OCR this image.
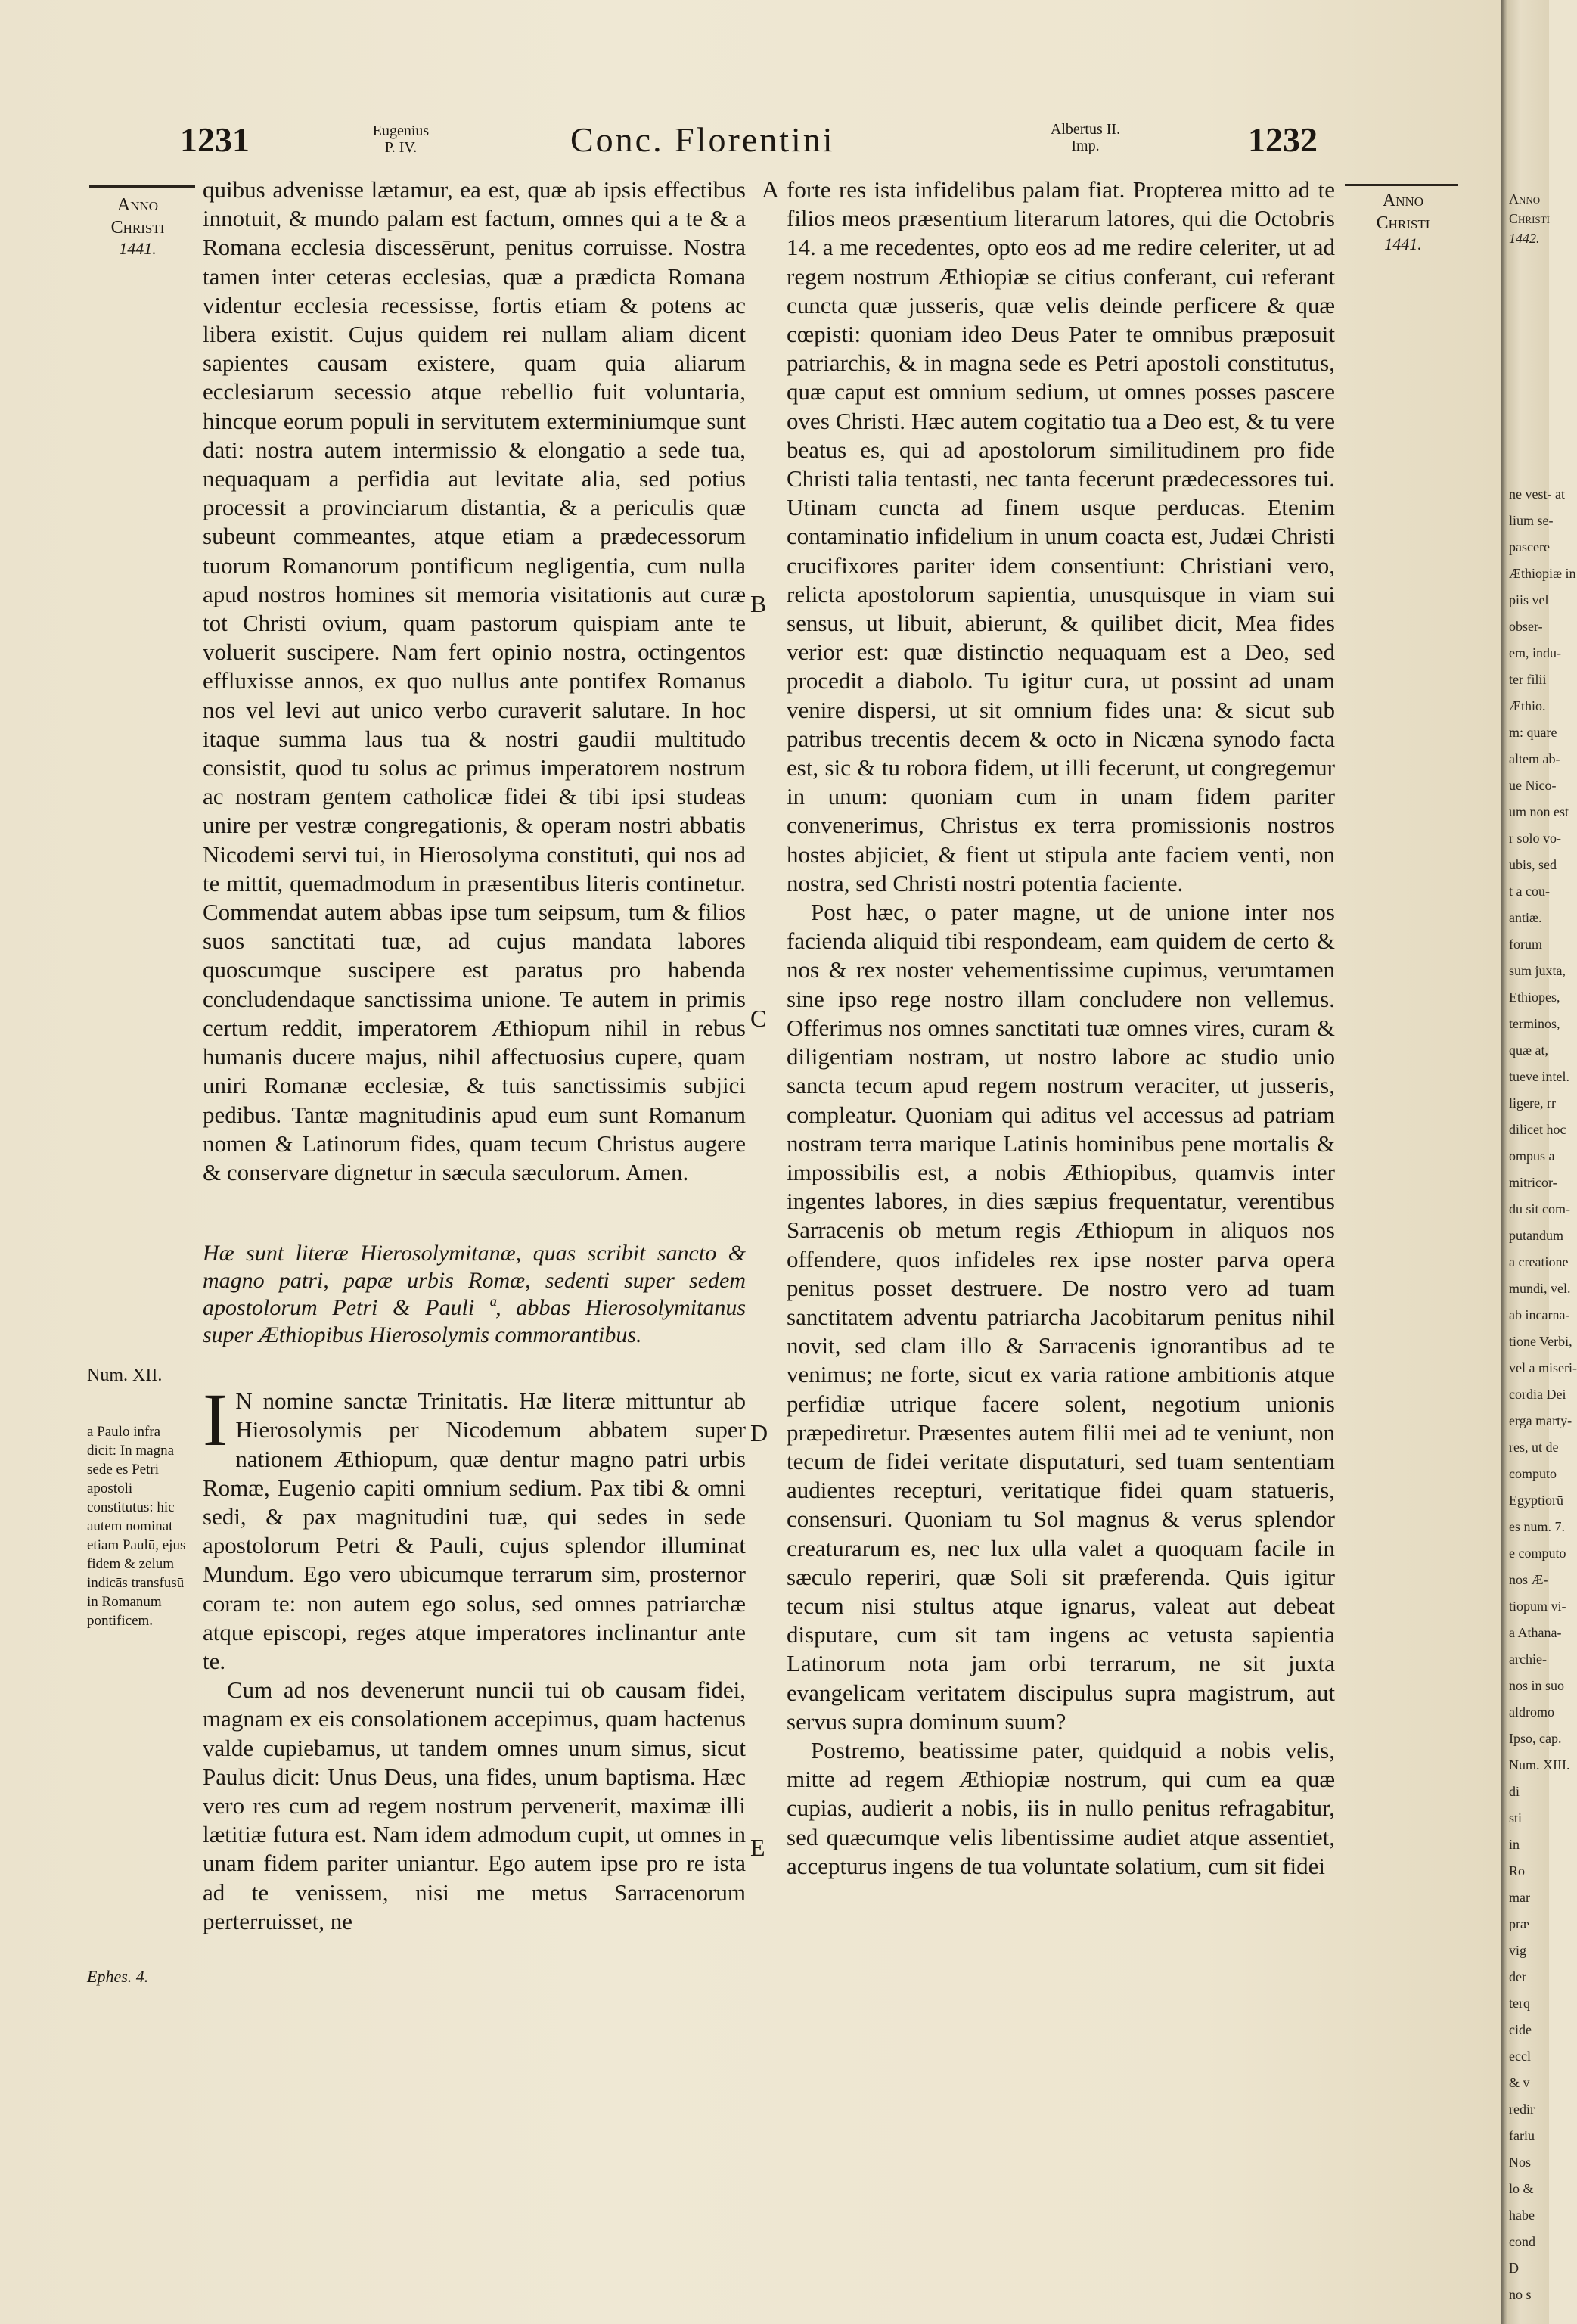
1231	Eugenius
P. IV.	Conc. Florentini	Albertus II.
Imp.	1232
Anno
Christi
1441.
Num. XII.
a Paulo infra dicit: In magna sede es Petri apostoli constitutus: hic autem nominat etiam Paulū, ejus fidem & zelum indicās transfusū in Romanum pontificem.
Ephes. 4.
Anno
Christi
1441.

quibus advenisse lætamur, ea est, quæ ab ipsis effectibus innotuit, & mundo palam est factum, omnes qui a te & a Romana ecclesia discessērunt, penitus corruisse. Nostra tamen inter ceteras ecclesias, quæ a prædicta Romana videntur ecclesia recessisse, fortis etiam & potens ac libera existit. Cujus quidem rei nullam aliam dicent sapientes causam existere, quam quia aliarum ecclesiarum secessio atque rebellio fuit voluntaria, hincque eorum populi in servitutem exterminiumque sunt dati: nostra autem intermissio & elongatio a sede tua, nequaquam a perfidia aut levitate alia, sed potius processit a provinciarum distantia, & a periculis quæ subeunt commeantes, atque etiam a prædecessorum tuorum Romanorum pontificum negligentia, cum nulla apud nostros homines sit memoria visitationis aut curæ tot Christi ovium, quam pastorum quispiam ante te voluerit suscipere. Nam fert opinio nostra, octingentos effluxisse annos, ex quo nullus ante pontifex Romanus nos vel levi aut unico verbo curaverit salutare. In hoc itaque summa laus tua & nostri gaudii multitudo consistit, quod tu solus ac primus imperatorem nostrum ac nostram gentem catholicæ fidei & tibi ipsi studeas unire per vestræ congregationis, & operam nostri abbatis Nicodemi servi tui, in Hierosolyma constituti, qui nos ad te mittit, quemadmodum in præsentibus literis continetur. Commendat autem abbas ipse tum seipsum, tum & filios suos sanctitati tuæ, ad cujus mandata labores quoscumque suscipere est paratus pro habenda concludendaque sanctissima unione. Te autem in primis certum reddit, imperatorem Æthiopum nihil in rebus humanis ducere majus, nihil affectuosius cupere, quam uniri Romanæ ecclesiæ, & tuis sanctissimis subjici pedibus. Tantæ magnitudinis apud eum sunt Romanum nomen & Latinorum fides, quam tecum Christus augere & conservare dignetur in sæcula sæculorum. Amen.

Hæ sunt literæ Hierosolymitanæ, quas scribit sancto & magno patri, papæ urbis Romæ, sedenti super sedem apostolorum Petri & Pauli ª, abbas Hierosolymitanus super Æthiopibus Hierosolymis commorantibus.

I N nomine sanctæ Trinitatis. Hæ literæ mittuntur ab Hierosolymis per Nicodemum abbatem super nationem Æthiopum, quæ dentur magno patri urbis Romæ, Eugenio capiti omnium sedium. Pax tibi & omni sedi, & pax magnitudini tuæ, qui sedes in sede apostolorum Petri & Pauli, cujus splendor illuminat Mundum. Ego vero ubicumque terrarum sim, prosternor coram te: non autem ego solus, sed omnes patriarchæ atque episcopi, reges atque imperatores inclinantur ante te.

Cum ad nos devenerunt nuncii tui ob causam fidei, magnam ex eis consolationem accepimus, quam hactenus valde cupiebamus, ut tandem omnes unum simus, sicut Paulus dicit: Unus Deus, una fides, unum baptisma. Hæc vero res cum ad regem nostrum pervenerit, maximæ illi lætitiæ futura est. Nam idem admodum cupit, ut omnes in unam fidem pariter uniantur. Ego autem ipse pro re ista ad te venissem, nisi me metus Sarracenorum perterruisset, ne

A
B
C
D
E

forte res ista infidelibus palam fiat. Propterea mitto ad te filios meos præsentium literarum latores, qui die Octobris 14. a me recedentes, opto eos ad me redire celeriter, ut ad regem nostrum Æthiopiæ se citius conferant, cui referant cuncta quæ jusseris, quæ velis deinde perficere & quæ cœpisti: quoniam ideo Deus Pater te omnibus præposuit patriarchis, & in magna sede es Petri apostoli constitutus, quæ caput est omnium sedium, ut omnes posses pascere oves Christi. Hæc autem cogitatio tua a Deo est, & tu vere beatus es, qui ad apostolorum similitudinem pro fide Christi talia tentasti, nec tanta fecerunt prædecessores tui. Utinam cuncta ad finem usque perducas. Etenim contaminatio infidelium in unum coacta est, Judæi Christi crucifixores pariter idem consentiunt: Christiani vero, relicta apostolorum sapientia, unusquisque in viam sui sensus, ut libuit, abierunt, & quilibet dicit, Mea fides verior est: quæ distinctio nequaquam est a Deo, sed procedit a diabolo. Tu igitur cura, ut possint ad unam venire dispersi, ut sit omnium fides una: & sicut sub patribus trecentis decem & octo in Nicæna synodo facta est, sic & tu robora fidem, ut illi fecerunt, ut congregemur in unum: quoniam cum in unam fidem pariter convenerimus, Christus ex terra promissionis nostros hostes abjiciet, & fient ut stipula ante faciem venti, non nostra, sed Christi nostri potentia faciente.

Post hæc, o pater magne, ut de unione inter nos facienda aliquid tibi respondeam, eam quidem de certo & nos & rex noster vehementissime cupimus, verumtamen sine ipso rege nostro illam concludere non vellemus. Offerimus nos omnes sanctitati tuæ omnes vires, curam & diligentiam nostram, ut nostro labore ac studio unio sancta tecum apud regem nostrum veraciter, ut jusseris, compleatur. Quoniam qui aditus vel accessus ad patriam nostram terra marique Latinis hominibus pene mortalis & impossibilis est, a nobis Æthiopibus, quamvis inter ingentes labores, in dies sæpius frequentatur, verentibus Sarracenis ob metum regis Æthiopum in aliquos nos offendere, quos infideles rex ipse noster parva opera penitus posset destruere. De nostro vero ad tuam sanctitatem adventu patriarcha Jacobitarum penitus nihil novit, sed clam illo & Sarracenis ignorantibus ad te venimus; ne forte, sicut ex varia ratione ambitionis atque perfidiæ utrique facere solent, negotium unionis præpediretur. Præsentes autem filii mei ad te veniunt, non tecum de fidei veritate disputaturi, sed tuam sententiam audientes recepturi, veritatique fidei quam statueris, consensuri. Quoniam tu Sol magnus & verus splendor creaturarum es, nec lux ulla valet a quoquam facile in sæculo reperiri, quæ Soli sit præferenda. Quis igitur tecum nisi stultus atque ignarus, valeat aut debeat disputare, cum sit tam ingens ac vetusta sapientia Latinorum nota jam orbi terrarum, ne sit juxta evangelicam veritatem discipulus supra magistrum, aut servus supra dominum suum?

Postremo, beatissime pater, quidquid a nobis velis, mitte ad regem Æthiopiæ nostrum, qui cum ea quæ cupias, audierit a nobis, iis in nullo penitus refragabitur, sed quæcumque velis libentissime audiet atque assentiet, accepturus ingens de tua voluntate solatium, cum sit fidei

Anno
Christi
1442.
ne vest- at
lium se-
pascere
Æthiopiæ in
piis vel
obser-
em, indu-
ter filii
Æthio.
m: quare
altem ab-
ue Nico-
um non est
r solo vo-
ubis, sed
t a cou-
antiæ.
forum
sum juxta,
Ethiopes,
terminos,
quæ at,
tueve intel.
ligere, rr
dilicet hoc
ompus a
mitricor-
du sit com-
putandum
a creatione
mundi, vel.
ab incarna-
tione Verbi,
vel a miseri-
cordia Dei
erga marty-
res, ut de
computo
Egyptiorū
es num. 7.
e computo
nos Æ-
tiopum vi-
a Athana-
archie-
nos in suo
aldromo
Ipso, cap.
Num. XIII.
di
sti
in
Ro
mar
præ
vig
der
terq
cide
eccl
& v
redir
fariu
Nos
lo &
habe
cond
D
no s
